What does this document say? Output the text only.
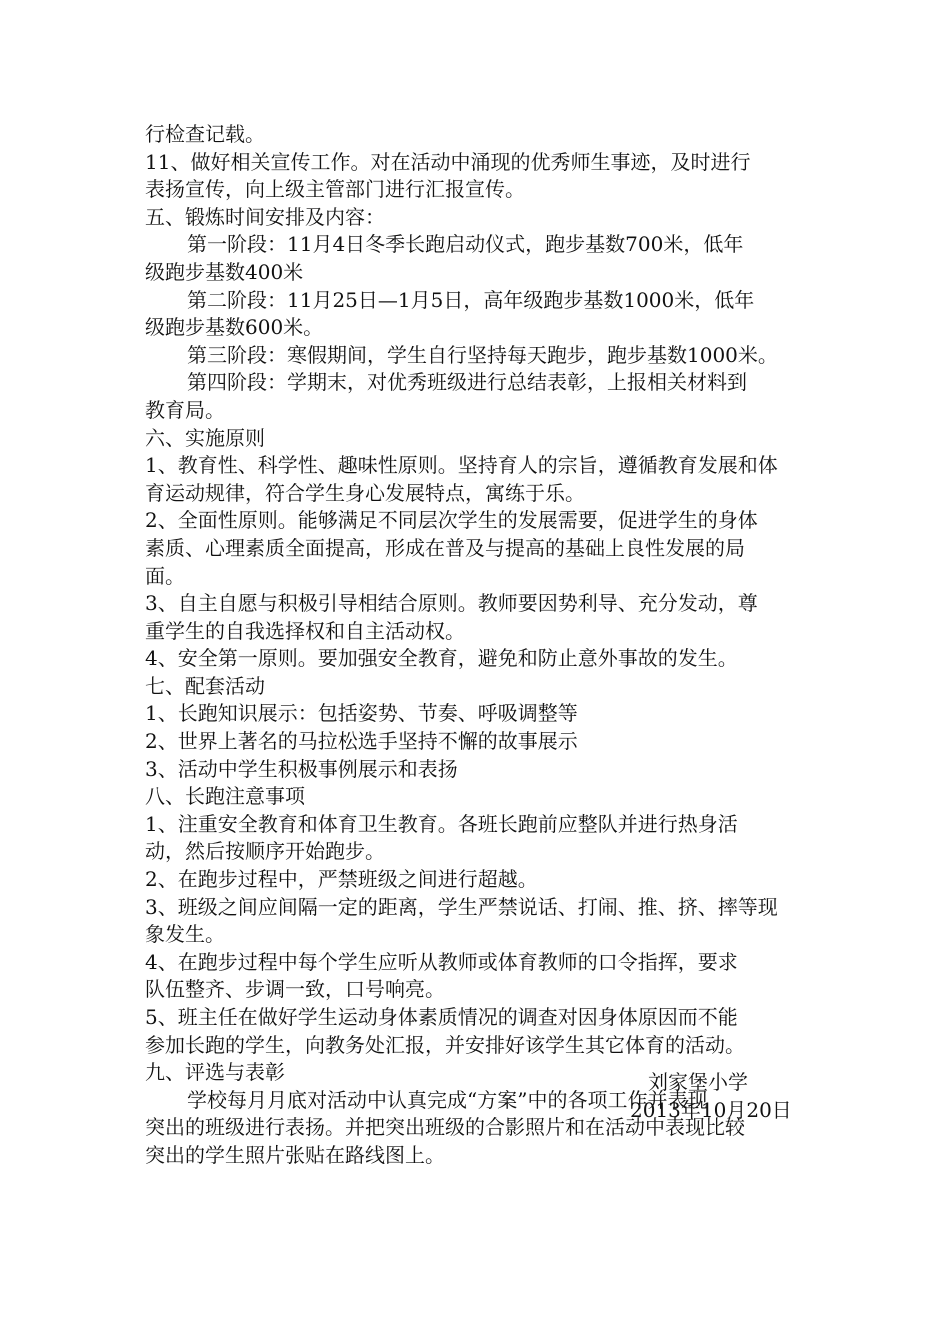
行检查记载。
11、做好相关宣传工作。对在活动中涌现的优秀师生事迹，及时进行
表扬宣传，向上级主管部门进行汇报宣传。
五、锻炼时间安排及内容：
第一阶段：11月4日冬季长跑启动仪式，跑步基数700米，低年
级跑步基数400米
第二阶段：11月25日—1月5日，高年级跑步基数1000米，低年
级跑步基数600米。
第三阶段：寒假期间，学生自行坚持每天跑步，跑步基数1000米。
第四阶段：学期末，对优秀班级进行总结表彰，上报相关材料到
教育局。
六、实施原则
1、教育性、科学性、趣味性原则。坚持育人的宗旨，遵循教育发展和体
育运动规律，符合学生身心发展特点，寓练于乐。
2、全面性原则。能够满足不同层次学生的发展需要，促进学生的身体
素质、心理素质全面提高，形成在普及与提高的基础上良性发展的局
面。
3、自主自愿与积极引导相结合原则。教师要因势利导、充分发动，尊
重学生的自我选择权和自主活动权。
4、安全第一原则。要加强安全教育，避免和防止意外事故的发生。
七、配套活动
1、长跑知识展示：包括姿势、节奏、呼吸调整等
2、世界上著名的马拉松选手坚持不懈的故事展示
3、活动中学生积极事例展示和表扬
八、长跑注意事项
1、注重安全教育和体育卫生教育。各班长跑前应整队并进行热身活
动，然后按顺序开始跑步。
2、在跑步过程中，严禁班级之间进行超越。
3、班级之间应间隔一定的距离，学生严禁说话、打闹、推、挤、摔等现
象发生。
4、在跑步过程中每个学生应听从教师或体育教师的口令指挥，要求
队伍整齐、步调一致，口号响亮。
5、班主任在做好学生运动身体素质情况的调查对因身体原因而不能
参加长跑的学生，向教务处汇报，并安排好该学生其它体育的活动。
九、评选与表彰
学校每月月底对活动中认真完成“方案”中的各项工作并表现
突出的班级进行表扬。并把突出班级的合影照片和在活动中表现比较
突出的学生照片张贴在路线图上。
刘家堡小学
2013年10月20日
